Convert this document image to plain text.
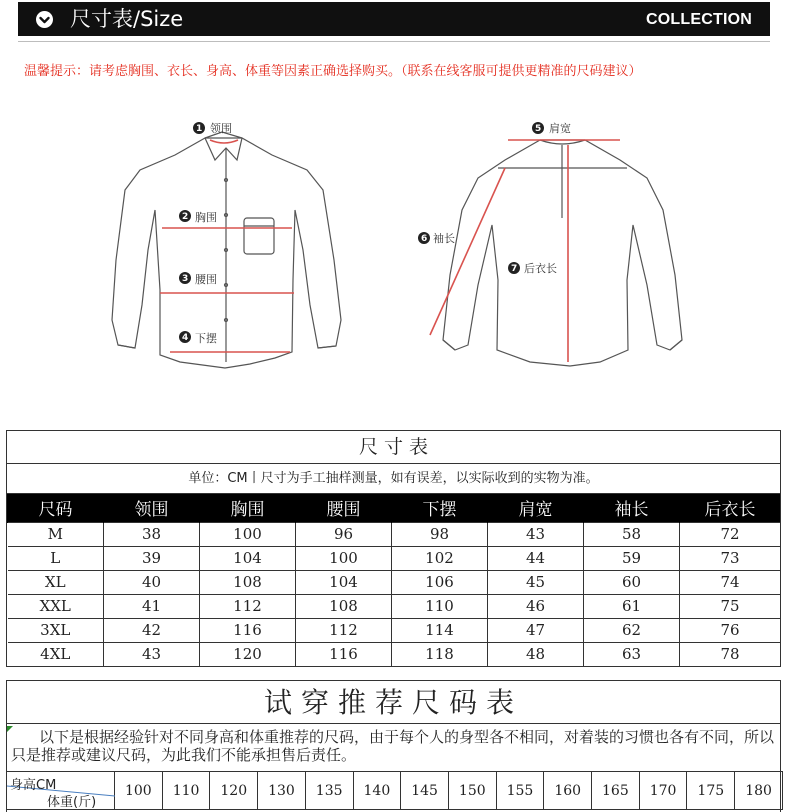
尺寸表/Size	COLLECTION
温馨提示：请考虑胸围、衣长、身高、体重等因素正确选择购买。（联系在线客服可提供更精准的尺码建议）
1 领围
2 胸围
3 腰围
4 下摆
5 肩宽
6 袖长
7 后衣长
尺 寸 表
单位：CM丨尺寸为手工抽样测量，如有误差，以实际收到的实物为准。
尺码	领围	胸围	腰围	下摆	肩宽	袖长	后衣长
M	38	100	96	98	43	58	72
L	39	104	100	102	44	59	73
XL	40	108	104	106	45	60	74
XXL	41	112	108	110	46	61	75
3XL	42	116	112	114	47	62	76
4XL	43	120	116	118	48	63	78
试穿推荐尺码表
以下是根据经验针对不同身高和体重推荐的尺码，由于每个人的身型各不相同，对着装的习惯也各有不同，所以只是推荐或建议尺码，为此我们不能承担售后责任。
身高CM
体重(斤)
	100	110	120	130	135	140	145	150	155	160	165	170	175	180
